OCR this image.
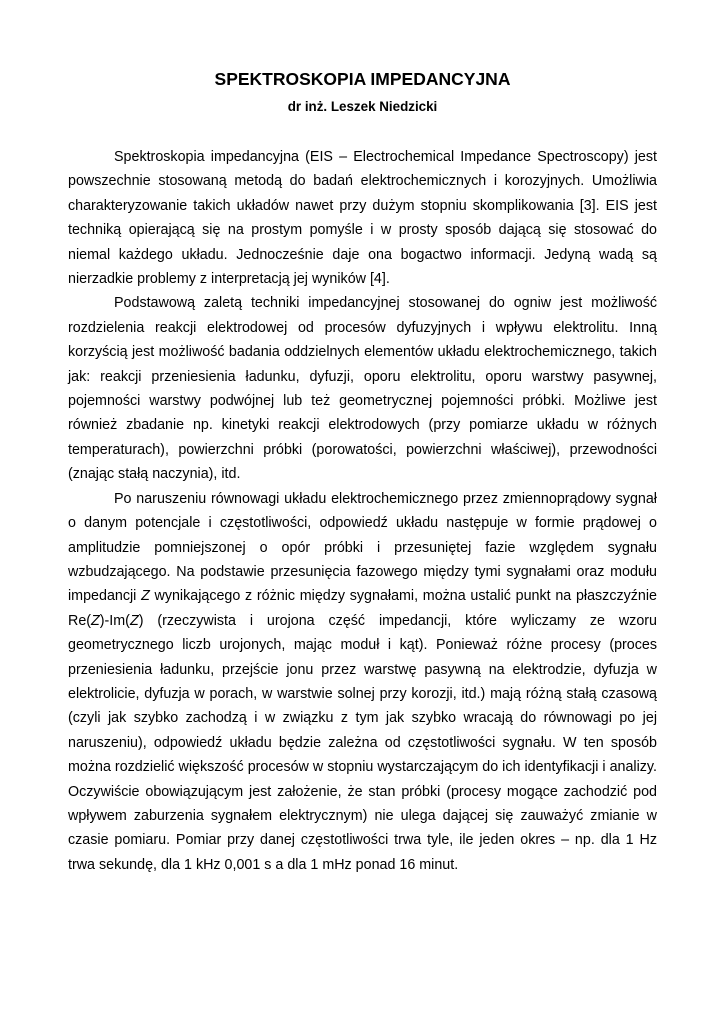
SPEKTROSKOPIA IMPEDANCYJNA
dr inż. Leszek Niedzicki

Spektroskopia impedancyjna (EIS – Electrochemical Impedance Spectroscopy) jest powszechnie stosowaną metodą do badań elektrochemicznych i korozyjnych. Umożliwia charakteryzowanie takich układów nawet przy dużym stopniu skomplikowania [3]. EIS jest techniką opierającą się na prostym pomyśle i w prosty sposób dającą się stosować do niemal każdego układu. Jednocześnie daje ona bogactwo informacji. Jedyną wadą są nierzadkie problemy z interpretacją jej wyników [4].

Podstawową zaletą techniki impedancyjnej stosowanej do ogniw jest możliwość rozdzielenia reakcji elektrodowej od procesów dyfuzyjnych i wpływu elektrolitu. Inną korzyścią jest możliwość badania oddzielnych elementów układu elektrochemicznego, takich jak: reakcji przeniesienia ładunku, dyfuzji, oporu elektrolitu, oporu warstwy pasywnej, pojemności warstwy podwójnej lub też geometrycznej pojemności próbki. Możliwe jest również zbadanie np. kinetyki reakcji elektrodowych (przy pomiarze układu w różnych temperaturach), powierzchni próbki (porowatości, powierzchni właściwej), przewodności (znając stałą naczynia), itd.

Po naruszeniu równowagi układu elektrochemicznego przez zmiennoprądowy sygnał o danym potencjale i częstotliwości, odpowiedź układu następuje w formie prądowej o amplitudzie pomniejszonej o opór próbki i przesuniętej fazie względem sygnału wzbudzającego. Na podstawie przesunięcia fazowego między tymi sygnałami oraz modułu impedancji Z wynikającego z różnic między sygnałami, można ustalić punkt na płaszczyźnie Re(Z)-Im(Z) (rzeczywista i urojona część impedancji, które wyliczamy ze wzoru geometrycznego liczb urojonych, mając moduł i kąt). Ponieważ różne procesy (proces przeniesienia ładunku, przejście jonu przez warstwę pasywną na elektrodzie, dyfuzja w elektrolicie, dyfuzja w porach, w warstwie solnej przy korozji, itd.) mają różną stałą czasową (czyli jak szybko zachodzą i w związku z tym jak szybko wracają do równowagi po jej naruszeniu), odpowiedź układu będzie zależna od częstotliwości sygnału. W ten sposób można rozdzielić większość procesów w stopniu wystarczającym do ich identyfikacji i analizy. Oczywiście obowiązującym jest założenie, że stan próbki (procesy mogące zachodzić pod wpływem zaburzenia sygnałem elektrycznym) nie ulega dającej się zauważyć zmianie w czasie pomiaru. Pomiar przy danej częstotliwości trwa tyle, ile jeden okres – np. dla 1 Hz trwa sekundę, dla 1 kHz 0,001 s a dla 1 mHz ponad 16 minut.
